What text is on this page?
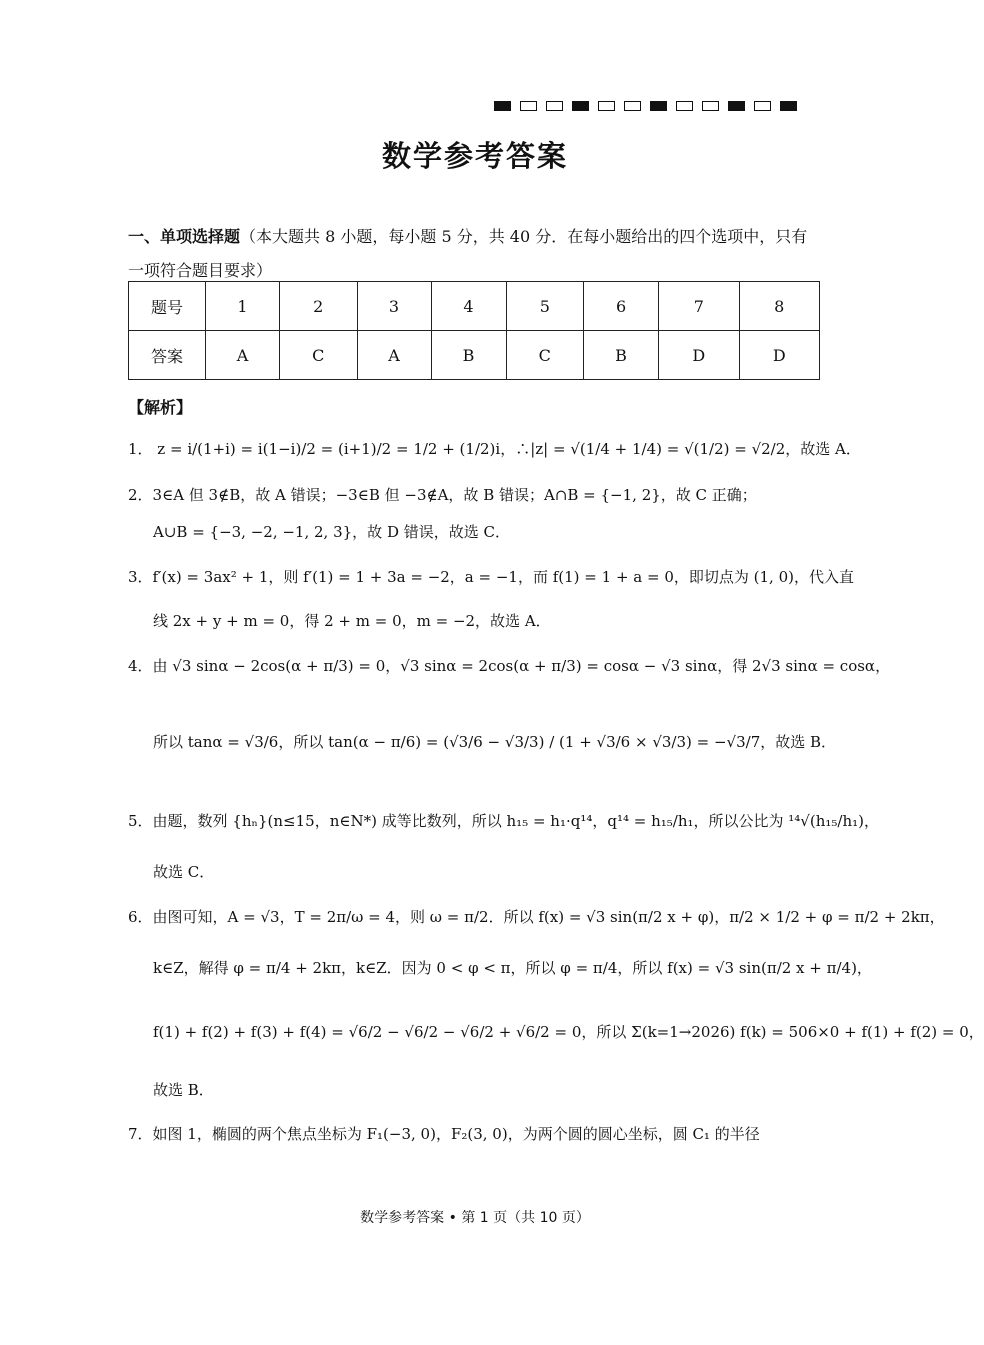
数学参考答案
一、单项选择题（本大题共 8 小题，每小题 5 分，共 40 分．在每小题给出的四个选项中，只有一项符合题目要求）
题号	1	2	3	4	5	6	7	8
答案	A	C	A	B	C	B	D	D
【解析】
1． z = i/(1+i) = i(1−i)/2 = (i+1)/2 = 1/2 + (1/2)i，∴|z| = √(1/4 + 1/4) = √(1/2) = √2/2，故选 A．
2．3∈A 但 3∉B，故 A 错误；−3∈B 但 −3∉A，故 B 错误；A∩B = {−1, 2}，故 C 正确；
A∪B = {−3, −2, −1, 2, 3}，故 D 错误，故选 C．
3．f′(x) = 3ax² + 1，则 f′(1) = 1 + 3a = −2，a = −1，而 f(1) = 1 + a = 0，即切点为 (1, 0)，代入直
线 2x + y + m = 0，得 2 + m = 0，m = −2，故选 A．
4．由 √3 sinα − 2cos(α + π/3) = 0，√3 sinα = 2cos(α + π/3) = cosα − √3 sinα，得 2√3 sinα = cosα，
所以 tanα = √3/6，所以 tan(α − π/6) = (√3/6 − √3/3) / (1 + √3/6 × √3/3) = −√3/7，故选 B．
5．由题，数列 {hₙ}(n≤15，n∈N*) 成等比数列，所以 h₁₅ = h₁·q¹⁴，q¹⁴ = h₁₅/h₁，所以公比为 ¹⁴√(h₁₅/h₁)，
故选 C．
6．由图可知，A = √3，T = 2π/ω = 4，则 ω = π/2．所以 f(x) = √3 sin(π/2 x + φ)，π/2 × 1/2 + φ = π/2 + 2kπ，
k∈Z，解得 φ = π/4 + 2kπ，k∈Z．因为 0 < φ < π，所以 φ = π/4，所以 f(x) = √3 sin(π/2 x + π/4)，
f(1) + f(2) + f(3) + f(4) = √6/2 − √6/2 − √6/2 + √6/2 = 0，所以 Σ(k=1→2026) f(k) = 506×0 + f(1) + f(2) = 0，
故选 B．
7．如图 1，椭圆的两个焦点坐标为 F₁(−3, 0)，F₂(3, 0)，为两个圆的圆心坐标，圆 C₁ 的半径
数学参考答案 • 第 1 页（共 10 页）
